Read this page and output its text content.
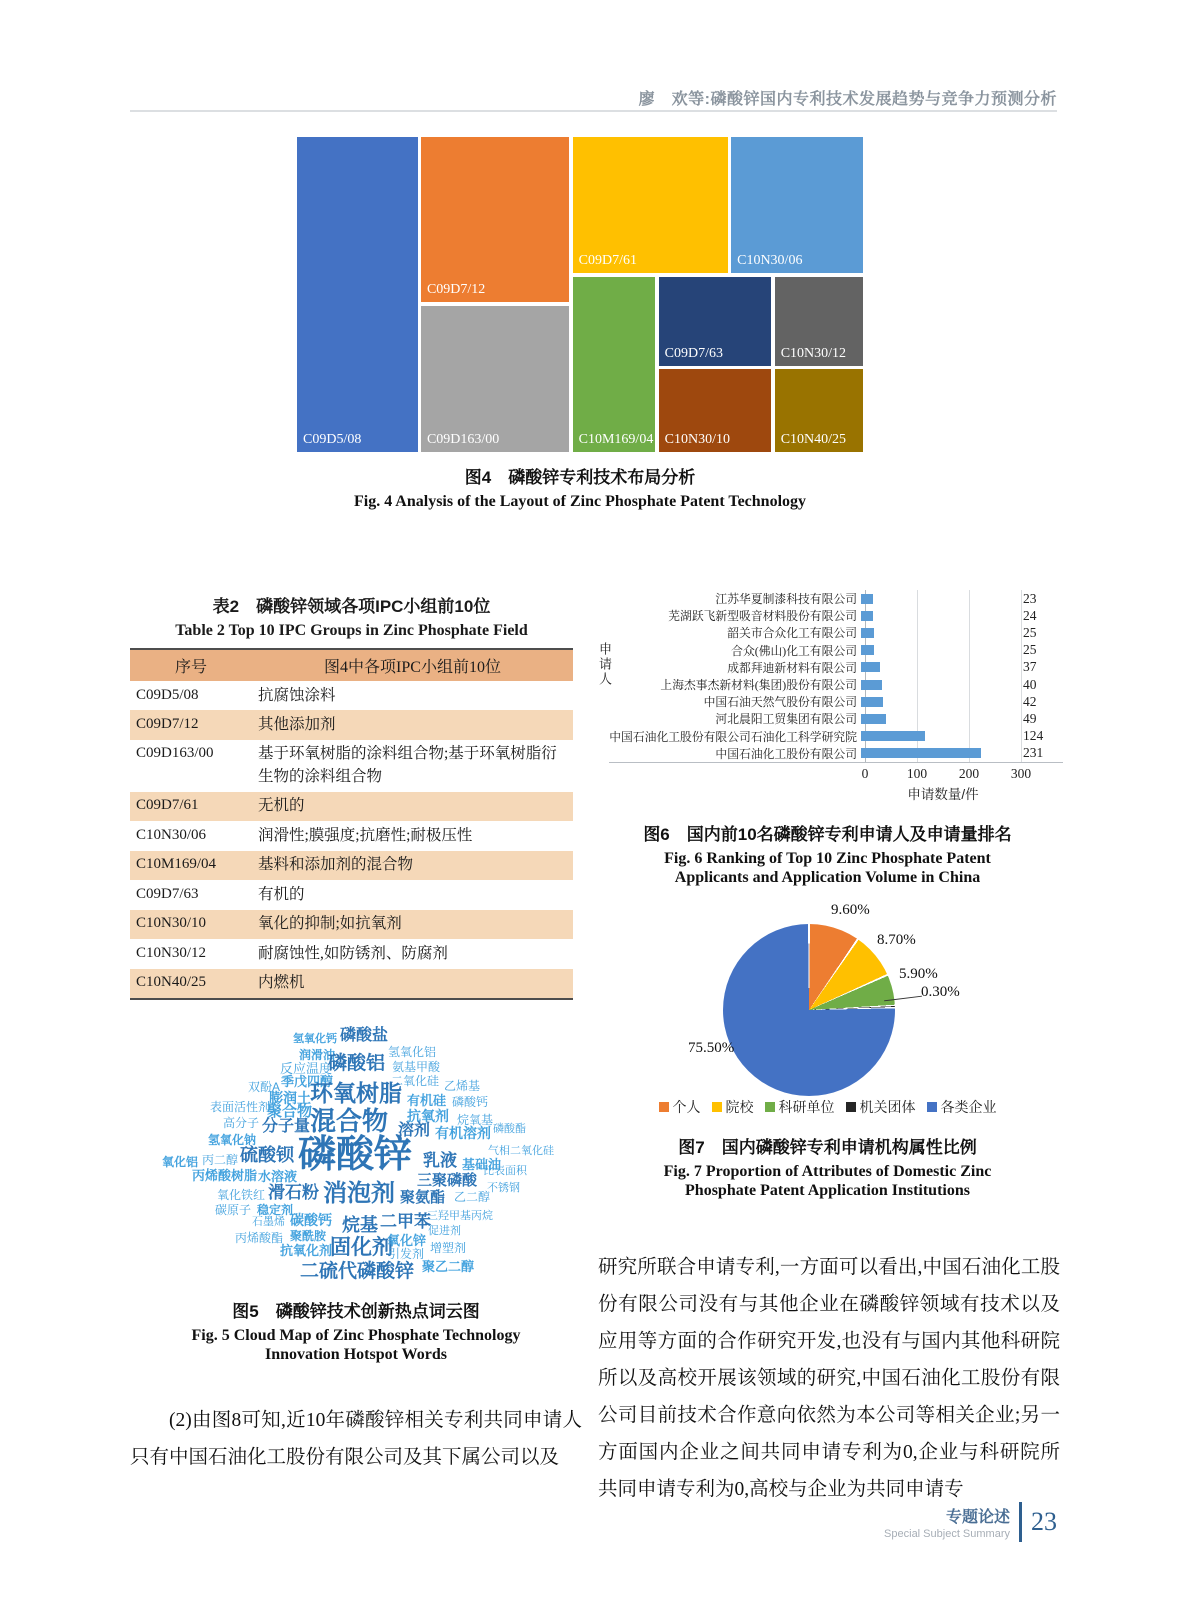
廖　欢等:磷酸锌国内专利技术发展趋势与竞争力预测分析
C09D5/08
C09D7/12
C09D163/00
C09D7/61	C10N30/06
C10M169/04
C09D7/63	C10N30/12
C10N30/10	C10N40/25
图4　磷酸锌专利技术布局分析
Fig. 4 Analysis of the Layout of Zinc Phosphate Patent Technology
表2　磷酸锌领域各项IPC小组前10位
Table 2 Top 10 IPC Groups in Zinc Phosphate Field
序号	图4中各项IPC小组前10位
C09D5/08	抗腐蚀涂料
C09D7/12	其他添加剂
C09D163/00	基于环氧树脂的涂料组合物;基于环氧树脂衍生物的涂料组合物
C09D7/61	无机的
C10N30/06	润滑性;膜强度;抗磨性;耐极压性
C10M169/04	基料和添加剂的混合物
C09D7/63	有机的
C10N30/10	氧化的抑制;如抗氧剂
C10N30/12	耐腐蚀性,如防锈剂、防腐剂
C10N40/25	内燃机
申请人
江苏华夏制漆科技有限公司	23
芜湖跃飞新型吸音材料股份有限公司	24
韶关市合众化工有限公司	25
合众(佛山)化工有限公司	25
成都拜迪新材料有限公司	37
上海杰事杰新材料(集团)股份有限公司	40
中国石油天然气股份有限公司	42
河北晨阳工贸集团有限公司	49
中国石油化工股份有限公司石油化工科学研究院	124
中国石油化工股份有限公司	231
0	100 200 300
申请数量/件
图6　国内前10名磷酸锌专利申请人及申请量排名
Fig. 6 Ranking of Top 10 Zinc Phosphate Patent
Applicants and Application Volume in China
9.60%
8.70%
5.90%
0.30%
75.50%
个人 院校 科研单位 机关团体 各类企业
图7　国内磷酸锌专利申请机构属性比例
Fig. 7 Proportion of Attributes of Domestic Zinc
Phosphate Patent Application Institutions
氢氧化钙 磷酸盐
氢氧化铝
润滑油
反应温度
磷酸铝 氨基甲酸
季戊四醇	二氧化硅 乙烯基
双酚A
膨润土 环氧树脂 有机硅 磷酸钙
表面活性剂
聚合物	抗氧剂 烷氧基
高分子 分子量 混合物 溶剂 有机溶剂 磷酸酯
氢氧化钠
氧化铝 丙二醇 硫酸钡 磷酸锌 乳液 基础油
气相二氧化硅
丙烯酸树脂 水溶液	三聚磷酸
比表面积
氧化铁红 滑石粉 消泡剂 聚氨酯 乙二醇
不锈钢
碳原子 稳定剂
石墨烯 碳酸钙 烷基 二甲苯
三羟甲基丙烷
促进剂
丙烯酸酯 聚酰胺
抗氧化剂
固化剂
氧化锌
引发剂 增塑剂
二硫代磷酸锌 聚乙二醇
图5　磷酸锌技术创新热点词云图
Fig. 5 Cloud Map of Zinc Phosphate Technology
Innovation Hotspot Words

(2)由图8可知,近10年磷酸锌相关专利共同申请人只有中国石油化工股份有限公司及其下属公司以及

研究所联合申请专利,一方面可以看出,中国石油化工股份有限公司没有与其他企业在磷酸锌领域有技术以及应用等方面的合作研究开发,也没有与国内其他科研院所以及高校开展该领域的研究,中国石油化工股份有限公司目前技术合作意向依然为本公司等相关企业;另一方面国内企业之间共同申请专利为0,企业与科研院所共同申请专利为0,高校与企业为共同申请专

专题论述
Special Subject Summary 23
